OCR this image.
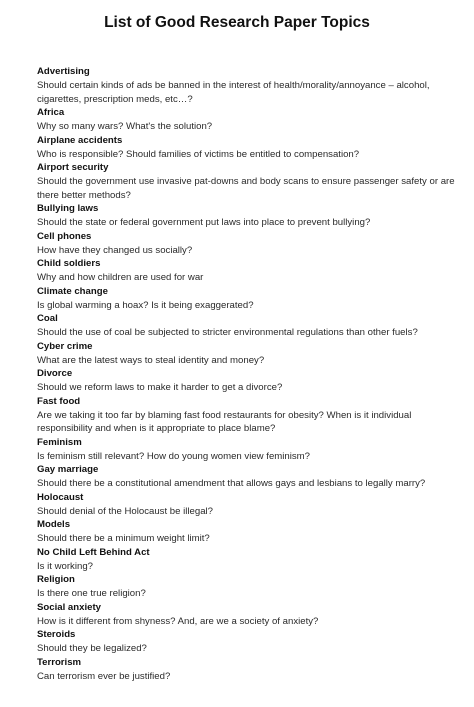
List of Good Research Paper Topics
Advertising
Should certain kinds of ads be banned in the interest of health/morality/annoyance – alcohol, cigarettes, prescription meds, etc…?
Africa
Why so many wars? What's the solution?
Airplane accidents
Who is responsible? Should families of victims be entitled to compensation?
Airport security
Should the government use invasive pat-downs and body scans to ensure passenger safety or are there better methods?
Bullying laws
Should the state or federal government put laws into place to prevent bullying?
Cell phones
How have they changed us socially?
Child soldiers
Why and how children are used for war
Climate change
Is global warming a hoax? Is it being exaggerated?
Coal
Should the use of coal be subjected to stricter environmental regulations than other fuels?
Cyber crime
What are the latest ways to steal identity and money?
Divorce
Should we reform laws to make it harder to get a divorce?
Fast food
Are we taking it too far by blaming fast food restaurants for obesity? When is it individual responsibility and when is it appropriate to place blame?
Feminism
Is feminism still relevant? How do young women view feminism?
Gay marriage
Should there be a constitutional amendment that allows gays and lesbians to legally marry?
Holocaust
Should denial of the Holocaust be illegal?
Models
Should there be a minimum weight limit?
No Child Left Behind Act
Is it working?
Religion
Is there one true religion?
Social anxiety
How is it different from shyness? And, are we a society of anxiety?
Steroids
Should they be legalized?
Terrorism
Can terrorism ever be justified?
